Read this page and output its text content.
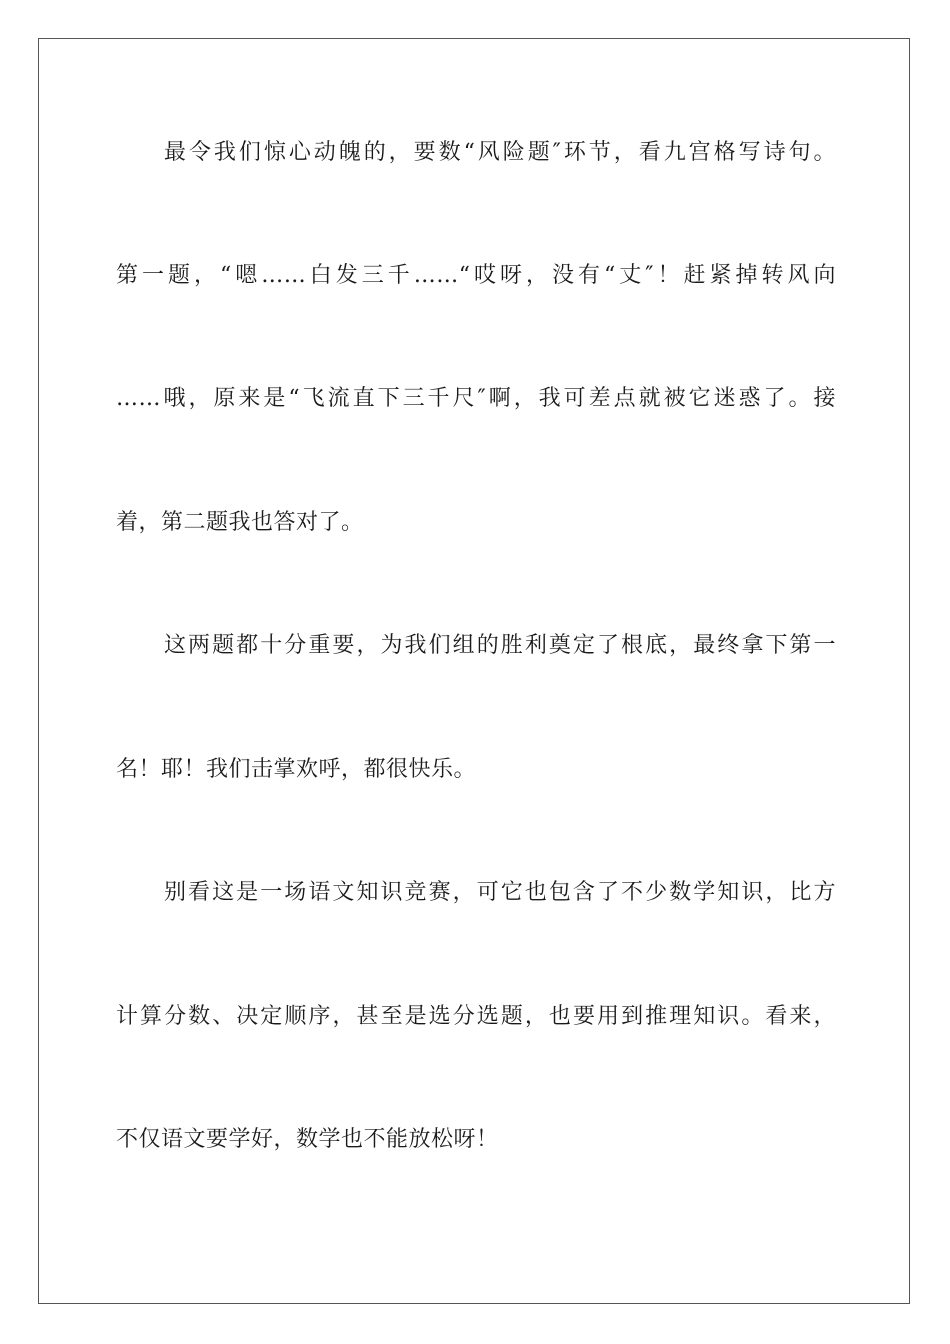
最令我们惊心动魄的，要数“风险题″环节，看九宫格写诗句。
第一题，“嗯……白发三千……“哎呀，没有“丈″！赶紧掉转风向
……哦，原来是“飞流直下三千尺″啊，我可差点就被它迷惑了。接
着，第二题我也答对了。
这两题都十分重要，为我们组的胜利奠定了根底，最终拿下第一
名！耶！我们击掌欢呼，都很快乐。
别看这是一场语文知识竞赛，可它也包含了不少数学知识，比方
计算分数、决定顺序，甚至是选分选题，也要用到推理知识。看来，
不仅语文要学好，数学也不能放松呀！
